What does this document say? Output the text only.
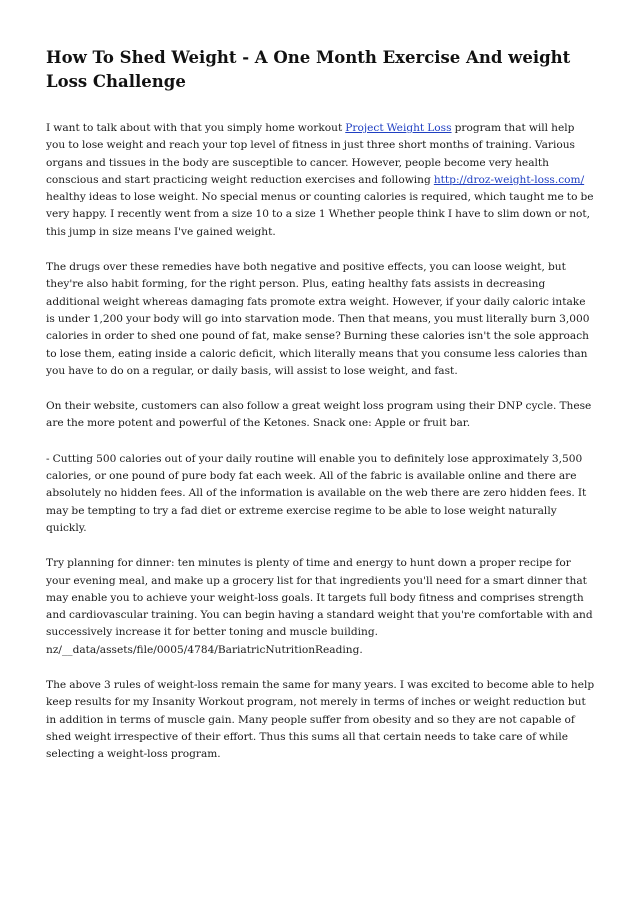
How To Shed Weight - A One Month Exercise And weight Loss Challenge

I want to talk about with that you simply home workout Project Weight Loss program that will help you to lose weight and reach your top level of fitness in just three short months of training. Various organs and tissues in the body are susceptible to cancer. However, people become very health conscious and start practicing weight reduction exercises and following http://droz-weight-loss.com/ healthy ideas to lose weight. No special menus or counting calories is required, which taught me to be very happy. I recently went from a size 10 to a size 1 Whether people think I have to slim down or not, this jump in size means I've gained weight.

The drugs over these remedies have both negative and positive effects, you can loose weight, but they're also habit forming, for the right person. Plus, eating healthy fats assists in decreasing additional weight whereas damaging fats promote extra weight. However, if your daily caloric intake is under 1,200 your body will go into starvation mode. Then that means, you must literally burn 3,000 calories in order to shed one pound of fat, make sense? Burning these calories isn't the sole approach to lose them, eating inside a caloric deficit, which literally means that you consume less calories than you have to do on a regular, or daily basis, will assist to lose weight, and fast.

On their website, customers can also follow a great weight loss program using their DNP cycle. These are the more potent and powerful of the Ketones. Snack one: Apple or fruit bar.

- Cutting 500 calories out of your daily routine will enable you to definitely lose approximately 3,500 calories, or one pound of pure body fat each week. All of the fabric is available online and there are absolutely no hidden fees. All of the information is available on the web there are zero hidden fees. It may be tempting to try a fad diet or extreme exercise regime to be able to lose weight naturally quickly.

Try planning for dinner: ten minutes is plenty of time and energy to hunt down a proper recipe for your evening meal, and make up a grocery list for that ingredients you'll need for a smart dinner that may enable you to achieve your weight-loss goals. It targets full body fitness and comprises strength and cardiovascular training. You can begin having a standard weight that you're comfortable with and successively increase it for better toning and muscle building. nz/__data/assets/file/0005/4784/BariatricNutritionReading.

The above 3 rules of weight-loss remain the same for many years. I was excited to become able to help keep results for my Insanity Workout program, not merely in terms of inches or weight reduction but in addition in terms of muscle gain. Many people suffer from obesity and so they are not capable of shed weight irrespective of their effort. Thus this sums all that certain needs to take care of while selecting a weight-loss program.
